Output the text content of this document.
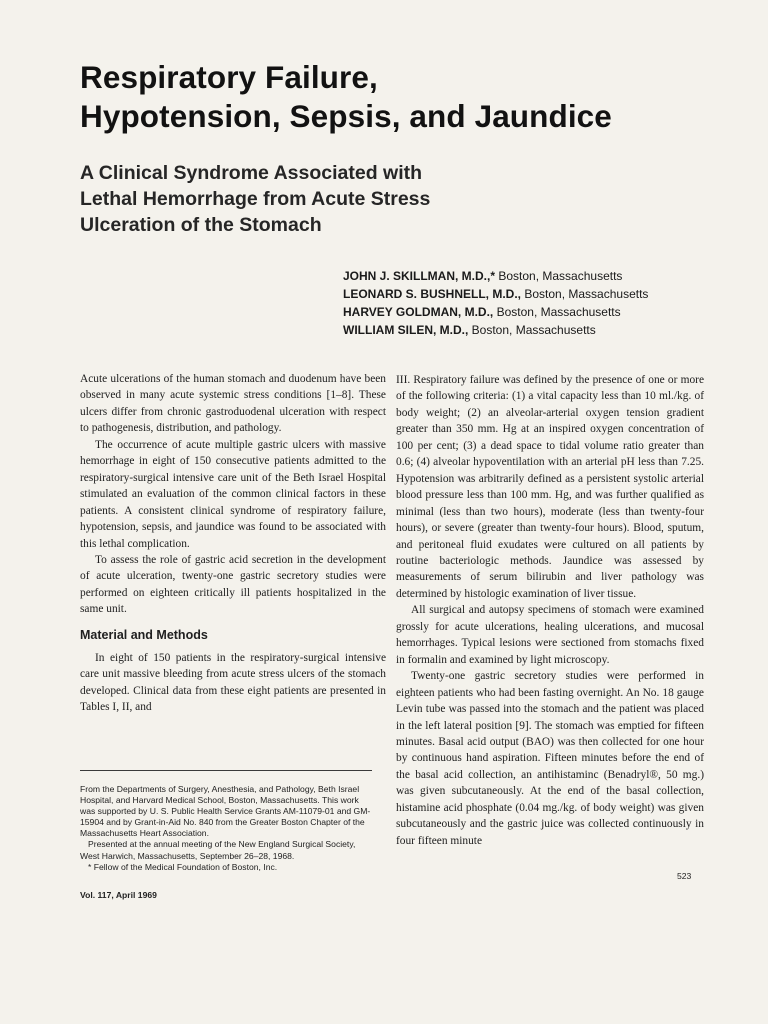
Respiratory Failure,
Hypotension, Sepsis, and Jaundice
A Clinical Syndrome Associated with
Lethal Hemorrhage from Acute Stress
Ulceration of the Stomach
JOHN J. SKILLMAN, M.D.,* Boston, Massachusetts
LEONARD S. BUSHNELL, M.D., Boston, Massachusetts
HARVEY GOLDMAN, M.D., Boston, Massachusetts
WILLIAM SILEN, M.D., Boston, Massachusetts

Acute ulcerations of the human stomach and duodenum have been observed in many acute systemic stress conditions [1–8]. These ulcers differ from chronic gastroduodenal ulceration with respect to pathogenesis, distribution, and pathology.

The occurrence of acute multiple gastric ulcers with massive hemorrhage in eight of 150 consecutive patients admitted to the respiratory-surgical intensive care unit of the Beth Israel Hospital stimulated an evaluation of the common clinical factors in these patients. A consistent clinical syndrome of respiratory failure, hypotension, sepsis, and jaundice was found to be associated with this lethal complication.

To assess the role of gastric acid secretion in the development of acute ulceration, twenty-one gastric secretory studies were performed on eighteen critically ill patients hospitalized in the same unit.

Material and Methods

In eight of 150 patients in the respiratory-surgical intensive care unit massive bleeding from acute stress ulcers of the stomach developed. Clinical data from these eight patients are presented in Tables I, II, and

From the Departments of Surgery, Anesthesia, and Pathology, Beth Israel Hospital, and Harvard Medical School, Boston, Massachusetts. This work was supported by U. S. Public Health Service Grants AM-11079-01 and GM-15904 and by Grant-in-Aid No. 840 from the Greater Boston Chapter of the Massachusetts Heart Association.

Presented at the annual meeting of the New England Surgical Society, West Harwich, Massachusetts, September 26–28, 1968.

* Fellow of the Medical Foundation of Boston, Inc.

Vol. 117, April 1969

III. Respiratory failure was defined by the presence of one or more of the following criteria: (1) a vital capacity less than 10 ml./kg. of body weight; (2) an alveolar-arterial oxygen tension gradient greater than 350 mm. Hg at an inspired oxygen concentration of 100 per cent; (3) a dead space to tidal volume ratio greater than 0.6; (4) alveolar hypoventilation with an arterial pH less than 7.25. Hypotension was arbitrarily defined as a persistent systolic arterial blood pressure less than 100 mm. Hg, and was further qualified as minimal (less than two hours), moderate (less than twenty-four hours), or severe (greater than twenty-four hours). Blood, sputum, and peritoneal fluid exudates were cultured on all patients by routine bacteriologic methods. Jaundice was assessed by measurements of serum bilirubin and liver pathology was determined by histologic examination of liver tissue.

All surgical and autopsy specimens of stomach were examined grossly for acute ulcerations, healing ulcerations, and mucosal hemorrhages. Typical lesions were sectioned from stomachs fixed in formalin and examined by light microscopy.

Twenty-one gastric secretory studies were performed in eighteen patients who had been fasting overnight. An No. 18 gauge Levin tube was passed into the stomach and the patient was placed in the left lateral position [9]. The stomach was emptied for fifteen minutes. Basal acid output (BAO) was then collected for one hour by continuous hand aspiration. Fifteen minutes before the end of the basal acid collection, an antihistaminc (Benadryl®, 50 mg.) was given subcutaneously. At the end of the basal collection, histamine acid phosphate (0.04 mg./kg. of body weight) was given subcutaneously and the gastric juice was collected continuously in four fifteen minute

523
